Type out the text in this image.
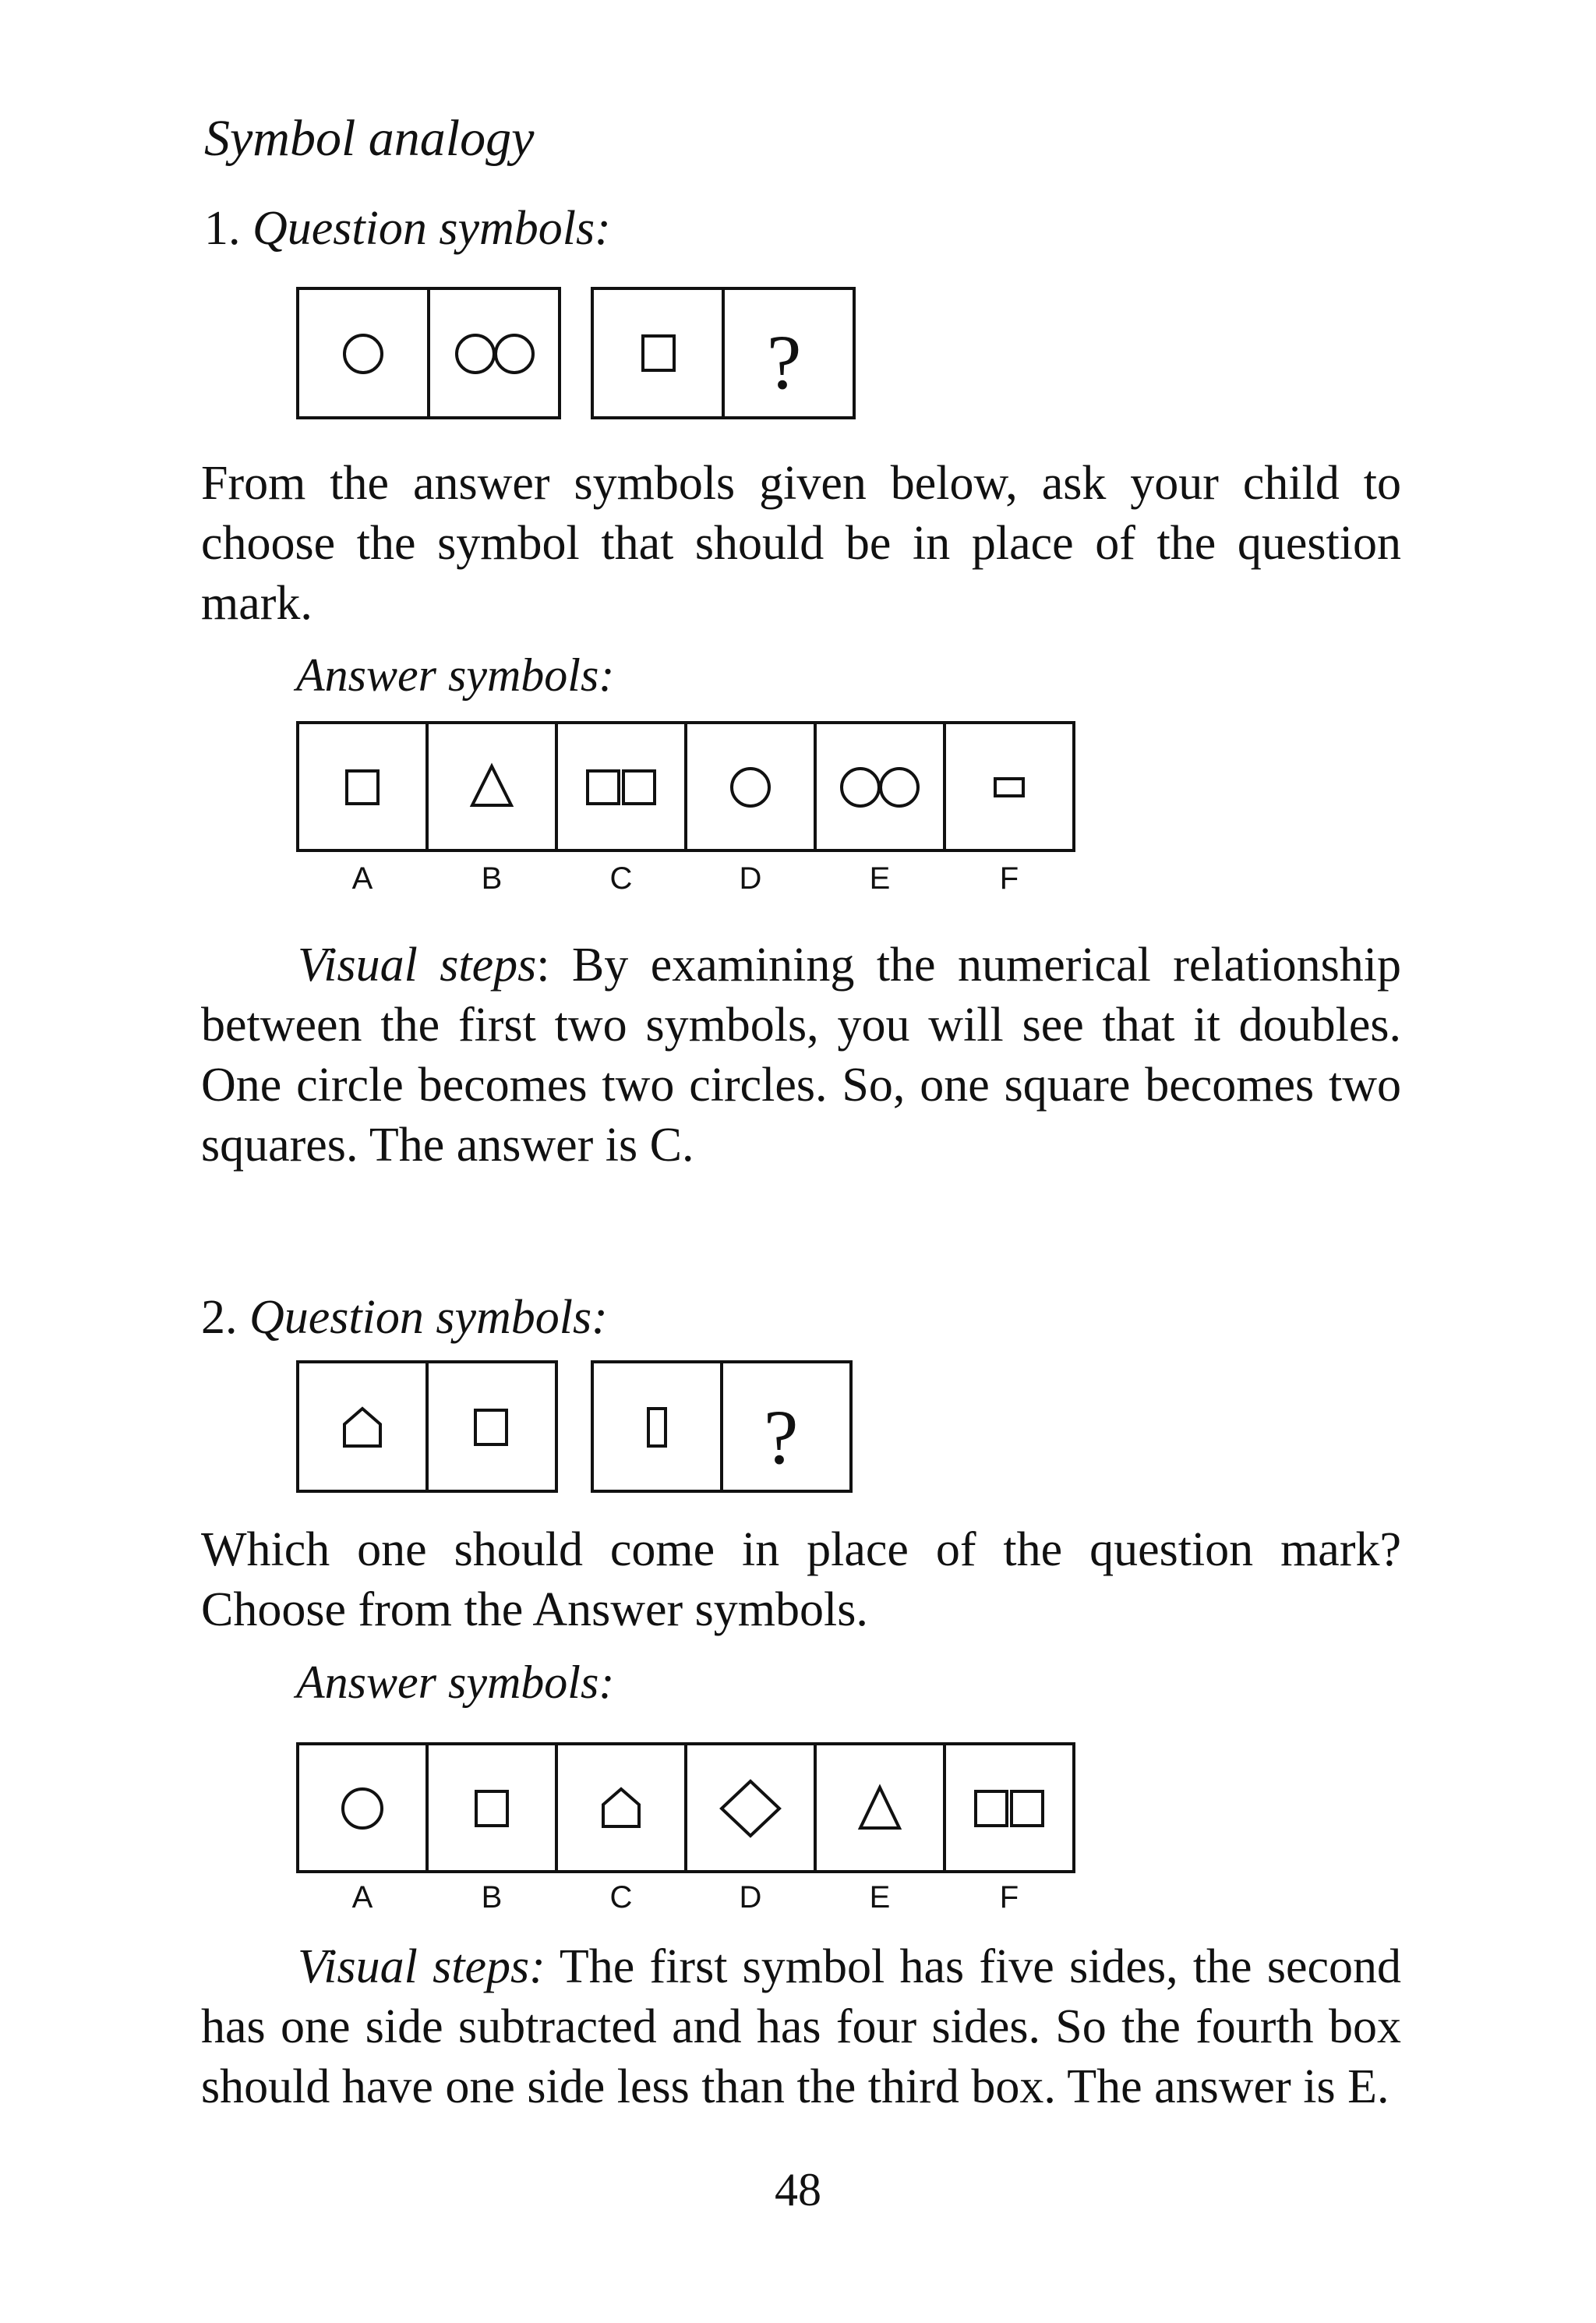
Symbol analogy
1. Question symbols:
?
From the answer symbols given below, ask your child to choose the symbol that should be in place of the question mark.
Answer symbols:
A	B	C	D	E	F
Visual steps: By examining the numerical relationship between the first two symbols, you will see that it doubles. One circle becomes two circles. So, one square becomes two squares. The answer is C.
2. Question symbols:
?
Which one should come in place of the question mark? Choose from the Answer symbols.
Answer symbols:
A	B	C	D	E	F
Visual steps: The first symbol has five sides, the second has one side subtracted and has four sides. So the fourth box should have one side less than the third box. The answer is E.
48
